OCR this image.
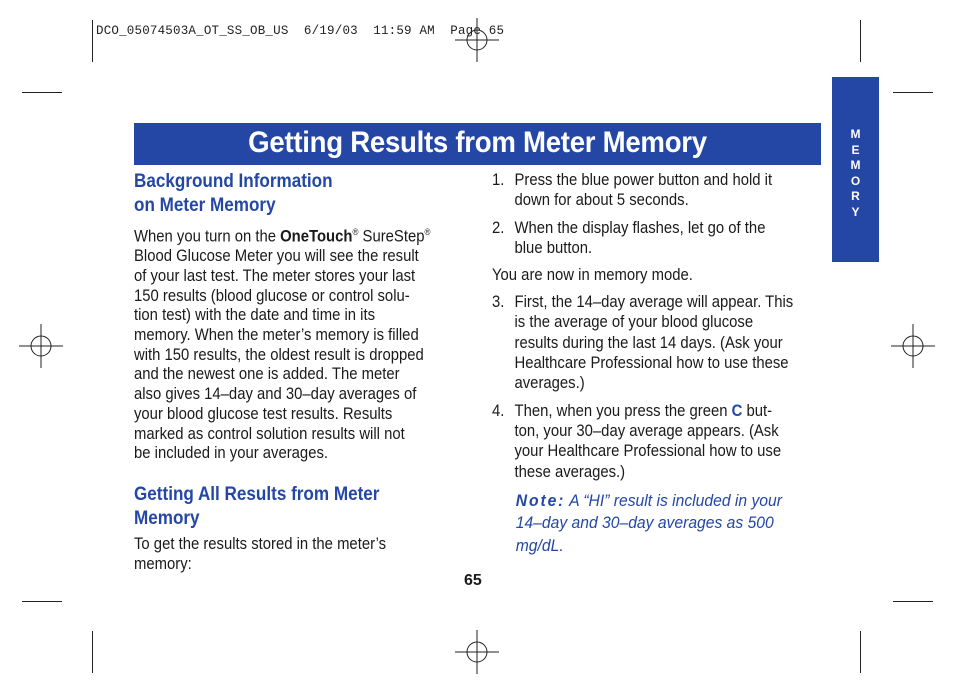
DCO_05074503A_OT_SS_OB_US  6/19/03  11:59 AM  Page 65
M
E
M
O
R
Y
Getting Results from Meter Memory
Background Information
on Meter Memory
When you turn on the OneTouch® SureStep®
Blood Glucose Meter you will see the result
of your last test. The meter stores your last
150 results (blood glucose or control solu-
tion test) with the date and time in its
memory. When the meter’s memory is filled
with 150 results, the oldest result is dropped
and the newest one is added. The meter
also gives 14–day and 30–day averages of
your blood glucose test results. Results
marked as control solution results will not
be included in your averages.
Getting All Results from Meter
Memory
To get the results stored in the meter’s
memory:
1. Press the blue power button and hold it
down for about 5 seconds.
2. When the display flashes, let go of the
blue button.
You are now in memory mode.
3. First, the 14–day average will appear. This
is the average of your blood glucose
results during the last 14 days. (Ask your
Healthcare Professional how to use these
averages.)
4. Then, when you press the green C but-
ton, your 30–day average appears. (Ask
your Healthcare Professional how to use
these averages.)
Note: A “HI” result is included in your
14–day and 30–day averages as 500
mg/dL.
65
